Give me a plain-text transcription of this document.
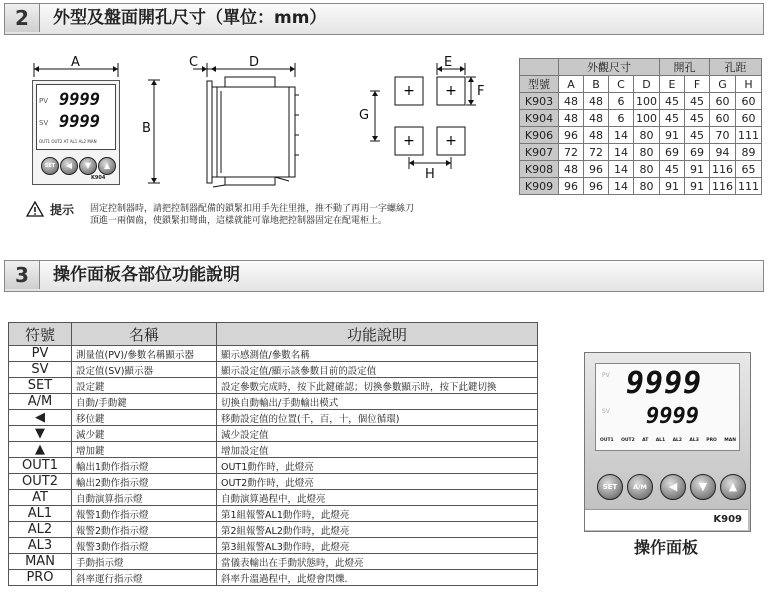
2	外型及盤面開孔尺寸（單位：mm）
A
B
PV 9999
SV 9999
OUT1 OUT2 AT AL1 AL2 MAN
SET	◀	▼	▲
K904
C	D
+ +
+ +
E
F
G
H
	外觀尺寸				開孔		孔距	
型號	A	B	C	D	E	F	G	H
K903	48	48	6	100	45	45	60	60
K904	48	48	6	100	45	45	60	60
K906	96	48	14	80	91	45	70	111
K907	72	72	14	80	69	69	94	89
K908	48	96	14	80	45	91	116	65
K909	96	96	14	80	91	91	116	111
提示 固定控制器時，請把控制器配備的鎖緊扣用手先往里推，推不動了再用一字螺絲刀
頂進一兩個齒，使鎖緊扣彎曲，這樣就能可靠地把控制器固定在配電柜上。
3	操作面板各部位功能說明
符號	名稱	功能說明
PV	測量值(PV)/參數名稱顯示器	顯示感測值/參數名稱
SV	設定值(SV)顯示器	顯示設定值/顯示該參數目前的設定值
SET	設定鍵	設定參數完成時，按下此鍵確認；切換參數顯示時，按下此鍵切換
A/M	自動/手動鍵	切換自動輸出/手動輸出模式
◀	移位鍵	移動設定值的位置(千，百，十，個位循環)
▼	減少鍵	減少設定值
▲	增加鍵	增加設定值
OUT1	輸出1動作指示燈	OUT1動作時，此燈亮
OUT2	輸出2動作指示燈	OUT2動作時，此燈亮
AT	自動演算指示燈	自動演算過程中，此燈亮
AL1	報警1動作指示燈	第1組報警AL1動作時，此燈亮
AL2	報警2動作指示燈	第2組報警AL2動作時，此燈亮
AL3	報警3動作指示燈	第3組報警AL3動作時，此燈亮
MAN	手動指示燈	當儀表輸出在手動狀態時，此燈亮
PRO	斜率運行指示燈	斜率升溫過程中，此燈會閃爍.
PV 9999
SV 9999
OUT1 OUT2 AT AL1 AL2 AL3 PRO MAN
SET	A/M	◀	▼	▲
K909
操作面板
